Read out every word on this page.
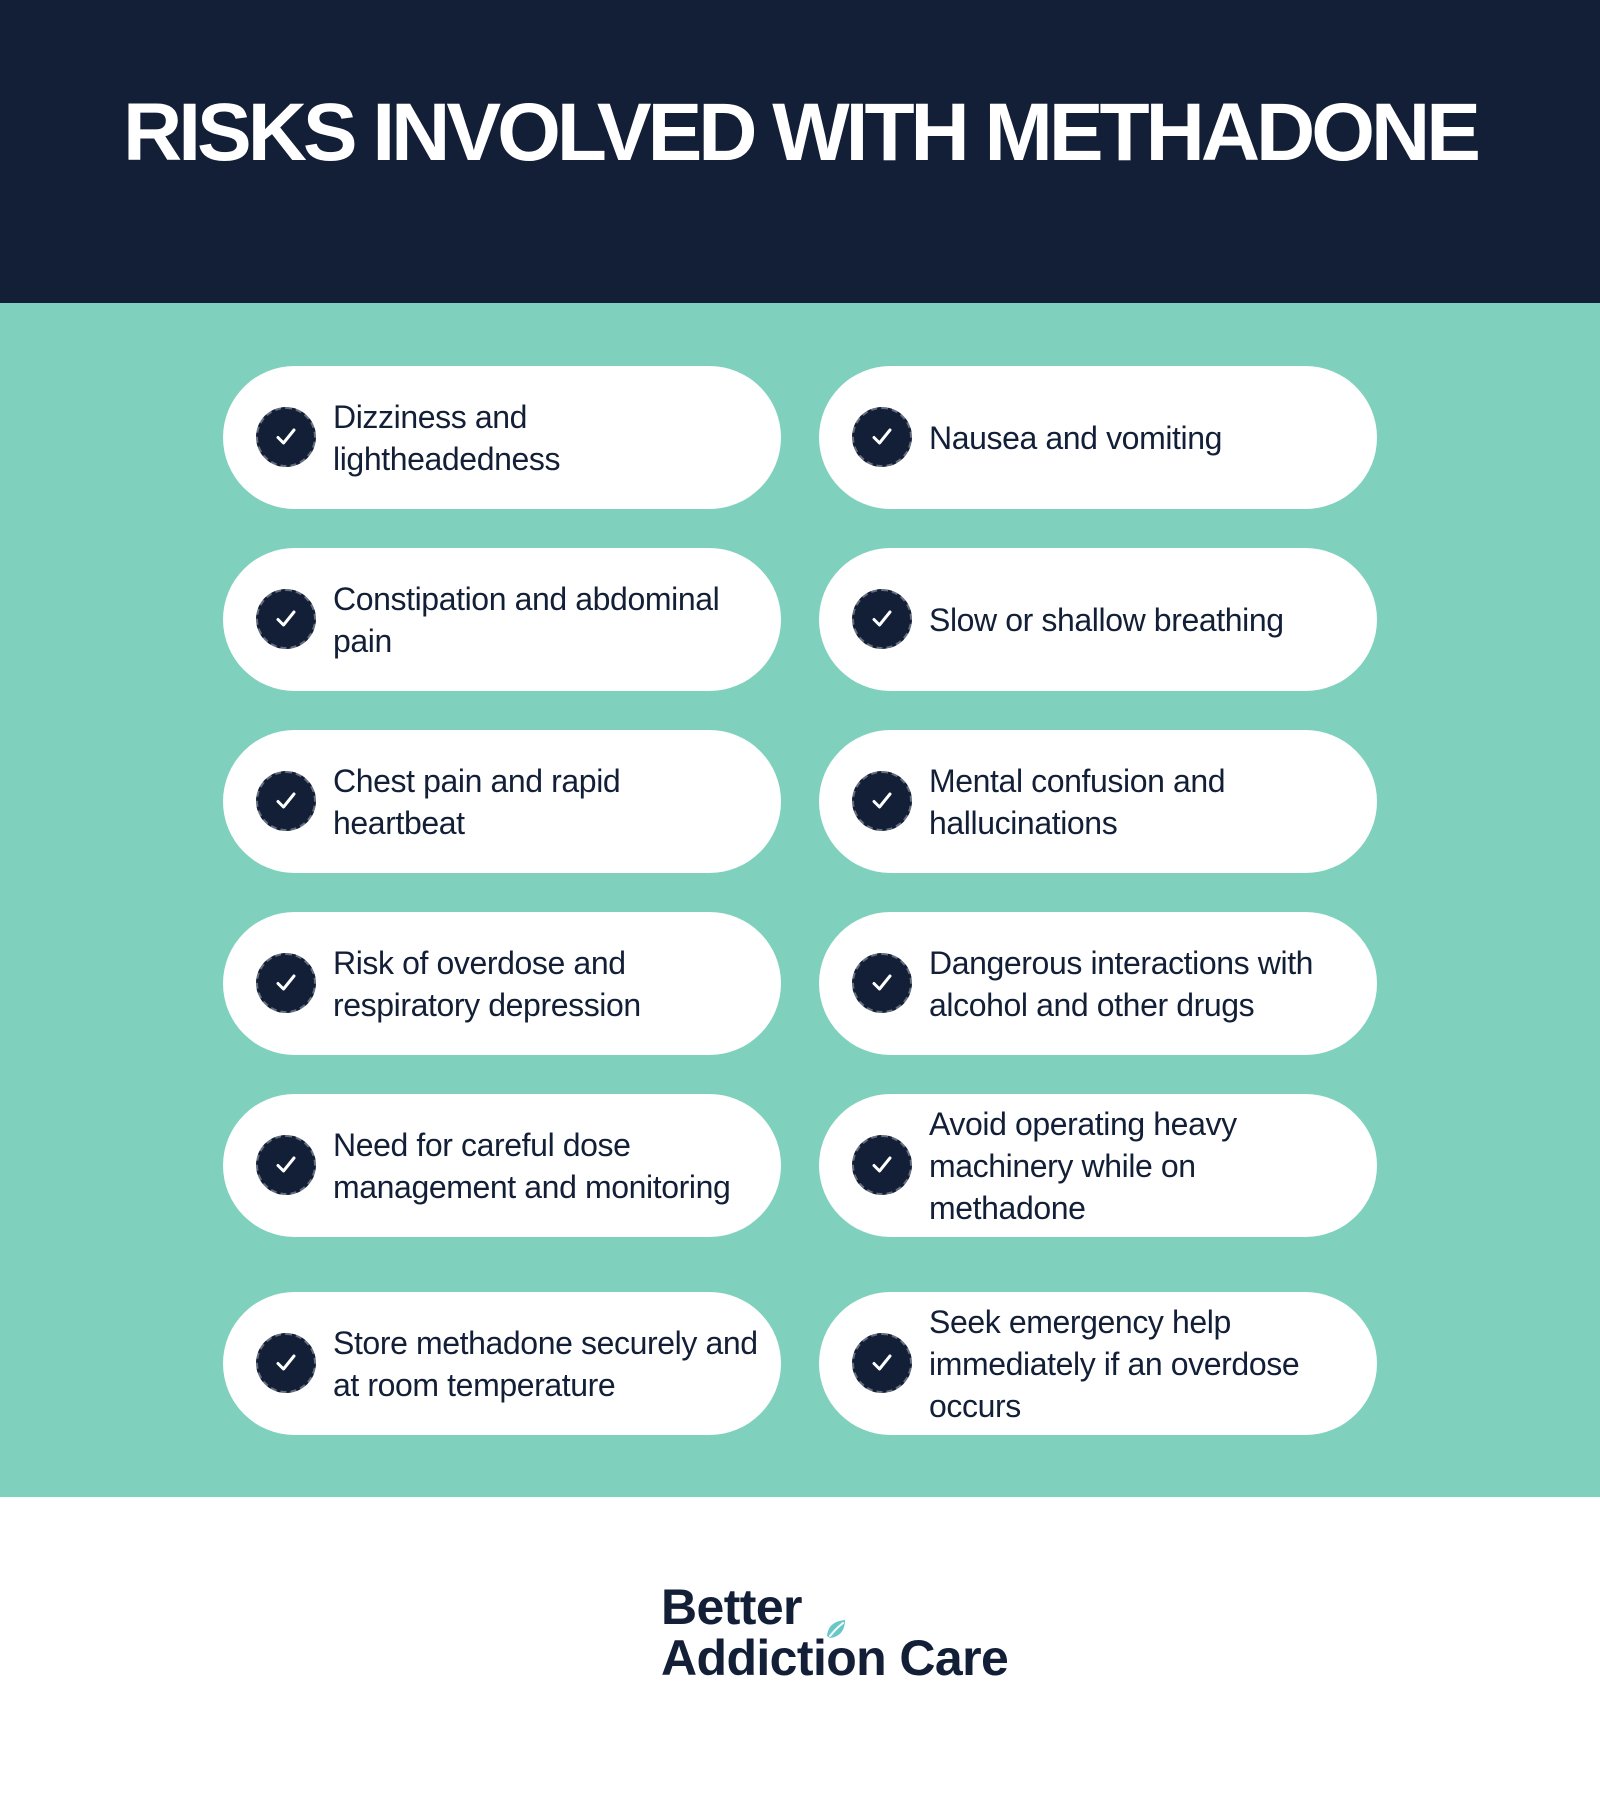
RISKS INVOLVED WITH METHADONE
Dizziness and lightheadedness
Nausea and vomiting
Constipation and abdominal pain
Slow or shallow breathing
Chest pain and rapid heartbeat
Mental confusion and hallucinations
Risk of overdose and respiratory depression
Dangerous interactions with alcohol and other drugs
Need for careful dose management and monitoring
Avoid operating heavy machinery while on methadone
Store methadone securely and at room temperature
Seek emergency help immediately if an overdose occurs
Better
Addiction Care
